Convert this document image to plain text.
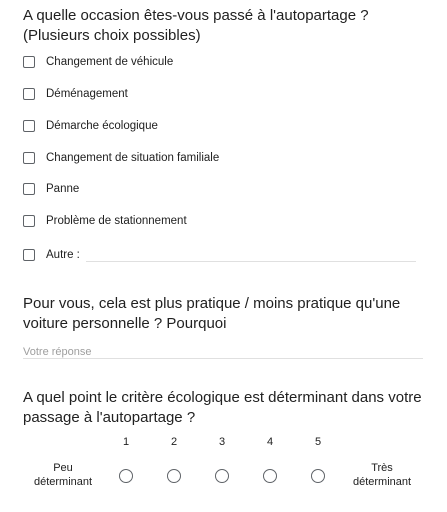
A quelle occasion êtes-vous passé à l'autopartage ? (Plusieurs choix possibles)
Changement de véhicule
Déménagement
Démarche écologique
Changement de situation familiale
Panne
Problème de stationnement
Autre :
Pour vous, cela est plus pratique / moins pratique qu'une voiture personnelle ? Pourquoi
Votre réponse
A quel point le critère écologique est déterminant dans votre passage à l'autopartage ?
1	2	3	4	5
Peu déterminant
Très déterminant
